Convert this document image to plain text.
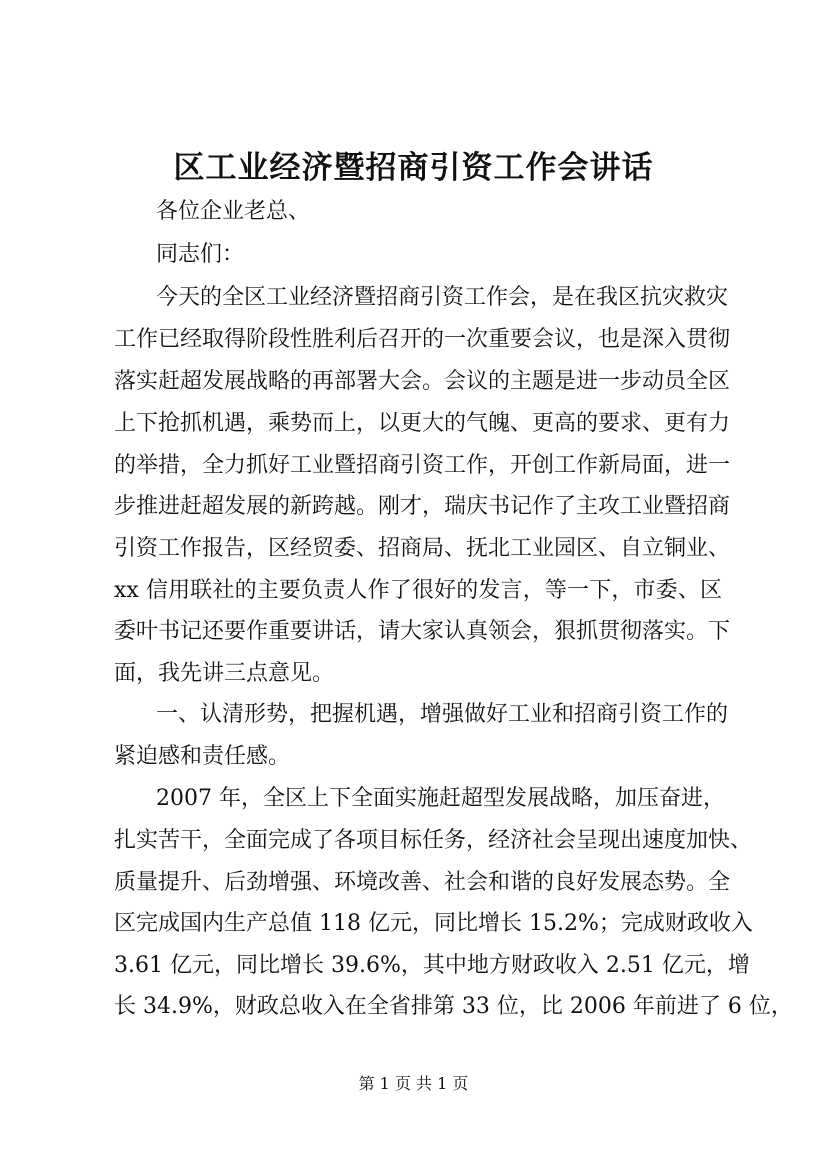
区工业经济暨招商引资工作会讲话
各位企业老总、
同志们：
今天的全区工业经济暨招商引资工作会，是在我区抗灾救灾
工作已经取得阶段性胜利后召开的一次重要会议，也是深入贯彻
落实赶超发展战略的再部署大会。会议的主题是进一步动员全区
上下抢抓机遇，乘势而上，以更大的气魄、更高的要求、更有力
的举措，全力抓好工业暨招商引资工作，开创工作新局面，进一
步推进赶超发展的新跨越。刚才，瑞庆书记作了主攻工业暨招商
引资工作报告，区经贸委、招商局、抚北工业园区、自立铜业、
xx 信用联社的主要负责人作了很好的发言，等一下，市委、区
委叶书记还要作重要讲话，请大家认真领会，狠抓贯彻落实。下
面，我先讲三点意见。
一、认清形势，把握机遇，增强做好工业和招商引资工作的
紧迫感和责任感。
2007 年，全区上下全面实施赶超型发展战略，加压奋进，
扎实苦干，全面完成了各项目标任务，经济社会呈现出速度加快、
质量提升、后劲增强、环境改善、社会和谐的良好发展态势。全
区完成国内生产总值 118 亿元，同比增长 15.2%；完成财政收入
3.61 亿元，同比增长 39.6%，其中地方财政收入 2.51 亿元，增
长 34.9%，财政总收入在全省排第 33 位，比 2006 年前进了 6 位，
第 1 页 共 1 页
